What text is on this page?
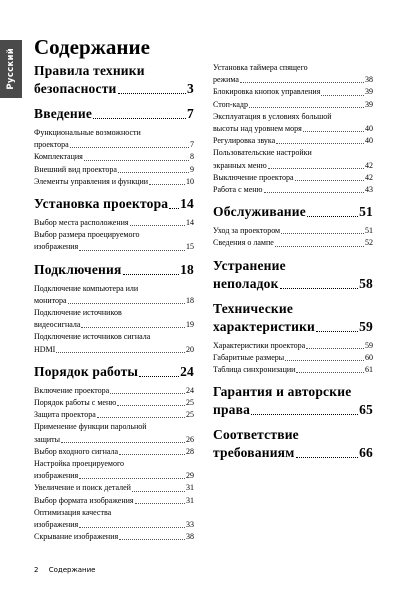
Русский
Содержание
Правила техники
безопасности	3
Введение	7
Функциональные возможности
проектора	7
Комплектация	8
Внешний вид проектора	9
Элементы управления и функции	10
Установка проектора 14
Выбор места расположения	14
Выбор размера проецируемого
изображения	15
Подключения	18
Подключение компьютера или
монитора	18
Подключение источников
видеосигнала	19
Подключение источников сигнала
HDMI	20
Порядок работы	24
Включение проектора	24
Порядок работы с меню	25
Защита проектора	25
Применение функции парольной
защиты	26
Выбор входного сигнала	28
Настройка проецируемого
изображения	29
Увеличение и поиск деталей	31
Выбор формата изображения	31
Оптимизация качества
изображения	33
Скрывание изображения	38
Установка таймера спящего
режима	38
Блокировка кнопок управления	39
Стоп-кадр	39
Эксплуатация в условиях большой
высоты над уровнем моря	40
Регулировка звука	40
Пользовательские настройки
экранных меню	42
Выключение проектора	42
Работа с меню	43
Обслуживание	51
Уход за проектором	51
Сведения о лампе	52
Устранение
неполадок	58
Технические
характеристики	59
Характеристики проектора	59
Габаритные размеры	60
Таблица синхронизации	61
Гарантия и авторские
права	65
Соответствие
требованиям	66
2 Содержание
